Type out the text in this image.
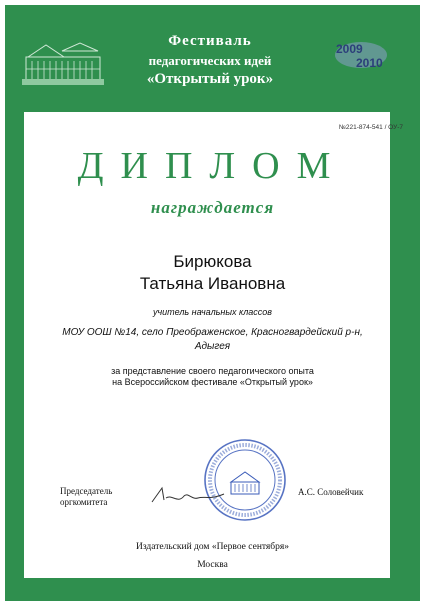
Фестиваль
педагогических идей
«Открытый урок»
2009
2010
№221-874-541 / ОУ-7
ДИПЛОМ
награждается
Бирюкова
Татьяна Ивановна
учитель начальных классов
МОУ ООШ №14, село Преображенское, Красногвардейский р-н,
Адыгея
за представление своего педагогического опыта
на Всероссийском фестивале «Открытый урок»
Председатель
оргкомитета
А.С. Соловейчик
Издательский дом «Первое сентября»
Москва
